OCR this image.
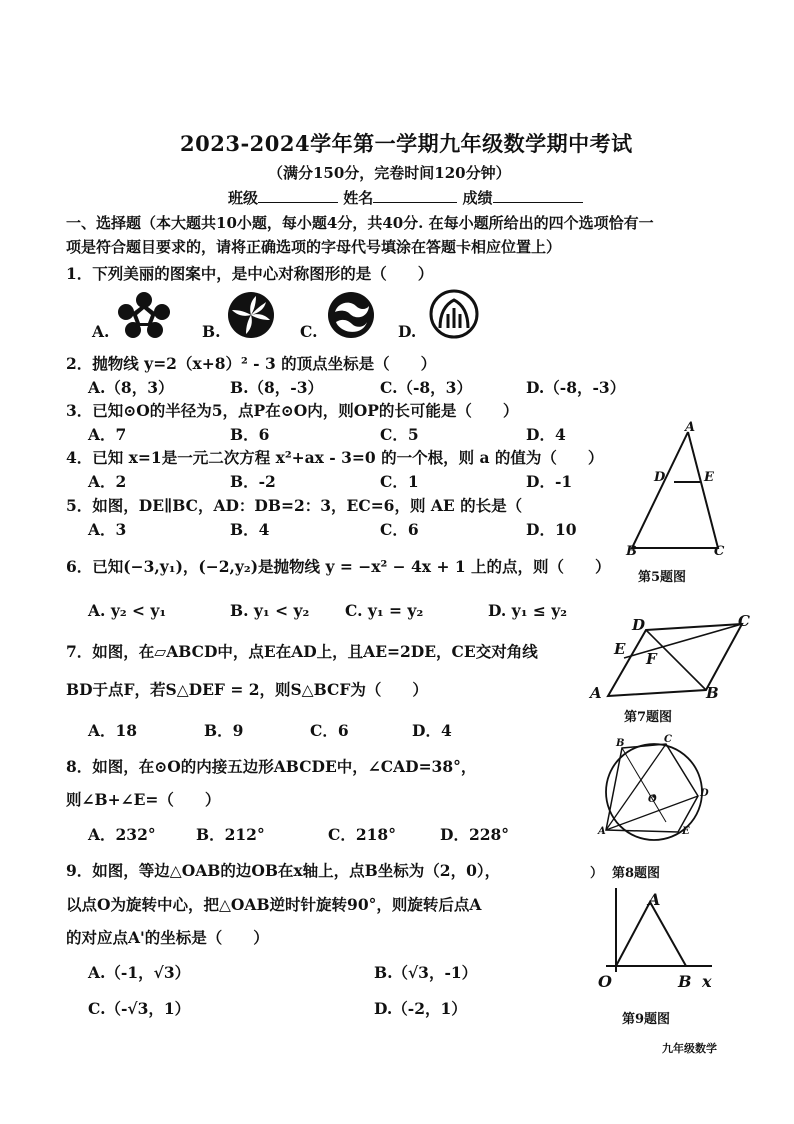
2023-2024学年第一学期九年级数学期中考试
（满分150分，完卷时间120分钟）
班级	姓名	成绩
一、选择题（本大题共10小题，每小题4分，共40分. 在每小题所给出的四个选项恰有一
项是符合题目要求的，请将正确选项的字母代号填涂在答题卡相应位置上）
1．下列美丽的图案中，是中心对称图形的是（　　）
A.	B.	C.	D.
2．抛物线 y=2（x+8）² - 3 的顶点坐标是（　　）
A.（8，3）	B.（8，-3）	C.（-8，3）	D.（-8，-3）
3．已知⊙O的半径为5，点P在⊙O内，则OP的长可能是（　　）
A．7	B．6	C．5	D．4
4．已知 x=1是一元二次方程 x²+ax - 3=0 的一个根，则 a 的值为（　　）
A．2	B．-2	C．1	D．-1
5．如图，DE∥BC，AD：DB=2：3，EC=6，则 AE 的长是（
A．3	B．4	C．6	D．10
A
D	E
B	C
第5题图
6．已知(−3,y₁)，(−2,y₂)是抛物线 y = −x² − 4x + 1 上的点，则（　　）
A. y₂ < y₁	B. y₁ < y₂ C. y₁ = y₂	D. y₁ ≤ y₂
7．如图，在▱ABCD中，点E在AD上，且AE=2DE，CE交对角线
BD于点F，若S△DEF = 2，则S△BCF为（　　）
A．18	B．9	C．6	D．4
D	C
E
F
A	B
第7题图
8．如图，在⊙O的内接五边形ABCDE中，∠CAD=38°，
则∠B+∠E=（　　）
A．232°	B．212°	C．218°	D．228°
B	C
D
O
A	E
） 第8题图
9．如图，等边△OAB的边OB在x轴上，点B坐标为（2，0），
以点O为旋转中心，把△OAB逆时针旋转90°，则旋转后点A
的对应点A'的坐标是（　　）
A.（-1，√3）	B.（√3，-1）
C.（-√3，1）	D.（-2，1）
A
O	B x
第9题图
九年级数学
